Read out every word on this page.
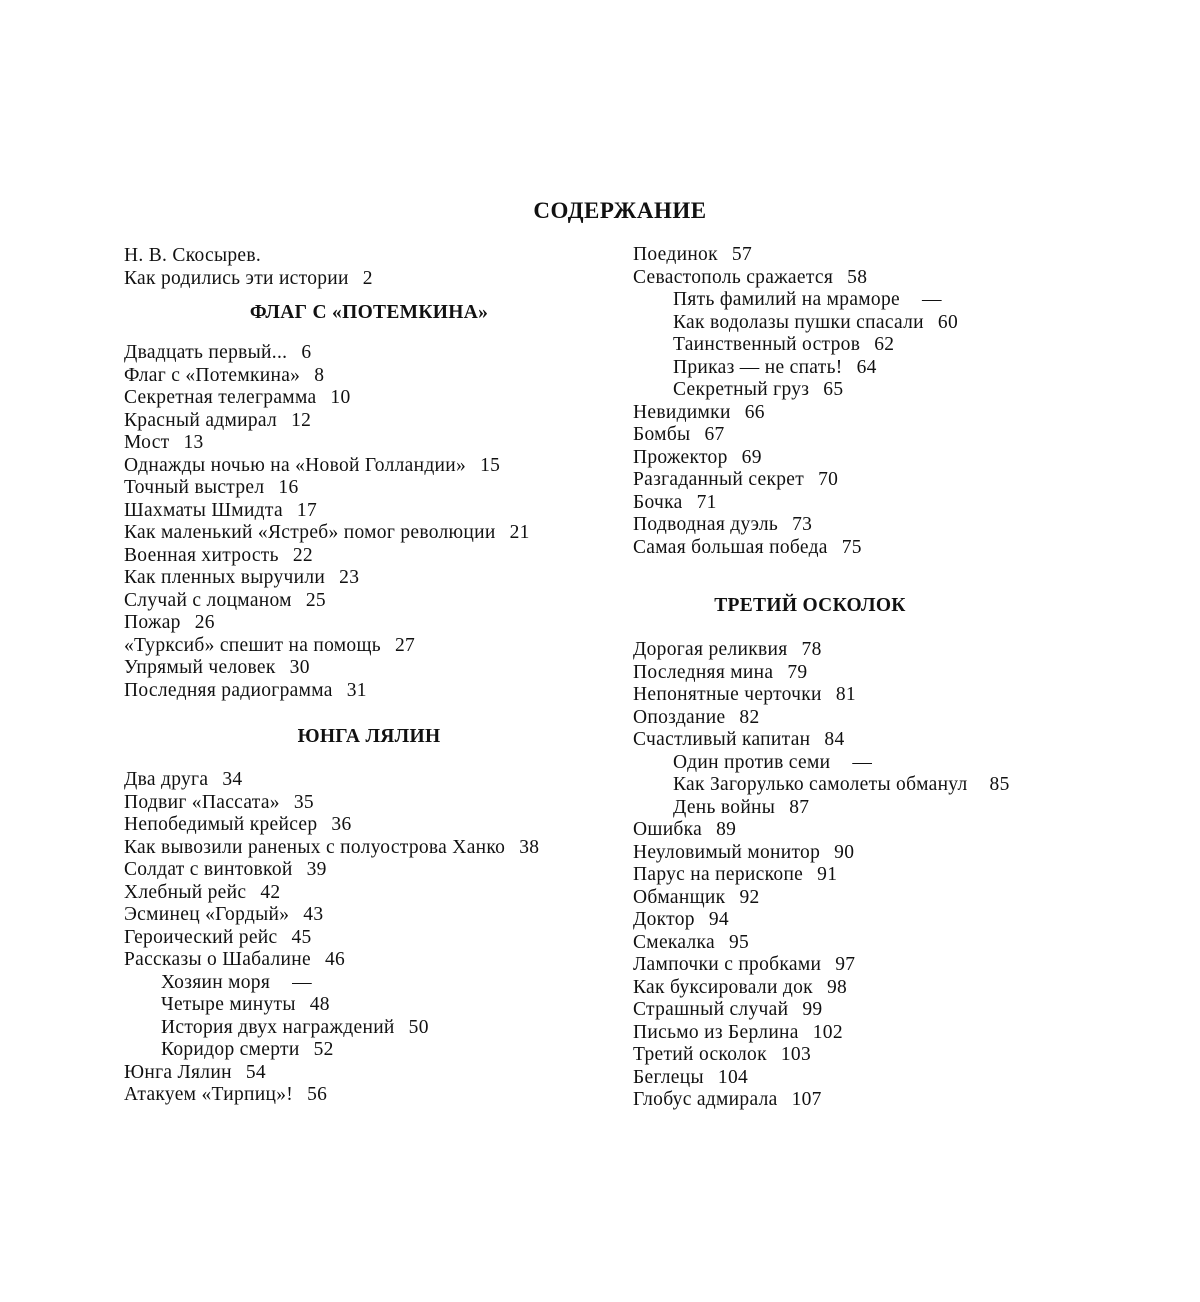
СОДЕРЖАНИЕ
Н. В. Скосырев.
Как родились эти истории 2
ФЛАГ С «ПОТЕМКИНА»
Двадцать первый... 6
Флаг с «Потемкина» 8
Секретная телеграмма 10
Красный адмирал 12
Мост 13
Однажды ночью на «Новой Голландии» 15
Точный выстрел 16
Шахматы Шмидта 17
Как маленький «Ястреб» помог революции 21
Военная хитрость 22
Как пленных выручили 23
Случай с лоцманом 25
Пожар 26
«Турксиб» спешит на помощь 27
Упрямый человек 30
Последняя радиограмма 31
ЮНГА ЛЯЛИН
Два друга 34
Подвиг «Пассата» 35
Непобедимый крейсер 36
Как вывозили раненых с полуострова Ханко 38
Солдат с винтовкой 39
Хлебный рейс 42
Эсминец «Гордый» 43
Героический рейс 45
Рассказы о Шабалине 46
Хозяин моря —
Четыре минуты 48
История двух награждений 50
Коридор смерти 52
Юнга Лялин 54
Атакуем «Тирпиц»! 56
Поединок 57
Севастополь сражается 58
Пять фамилий на мраморе —
Как водолазы пушки спасали 60
Таинственный остров 62
Приказ — не спать! 64
Секретный груз 65
Невидимки 66
Бомбы 67
Прожектор 69
Разгаданный секрет 70
Бочка 71
Подводная дуэль 73
Самая большая победа 75
ТРЕТИЙ ОСКОЛОК
Дорогая реликвия 78
Последняя мина 79
Непонятные черточки 81
Опоздание 82
Счастливый капитан 84
Один против семи —
Как Загорулько самолеты обманул 85
День войны 87
Ошибка 89
Неуловимый монитор 90
Парус на перископе 91
Обманщик 92
Доктор 94
Смекалка 95
Лампочки с пробками 97
Как буксировали док 98
Страшный случай 99
Письмо из Берлина 102
Третий осколок 103
Беглецы 104
Глобус адмирала 107
